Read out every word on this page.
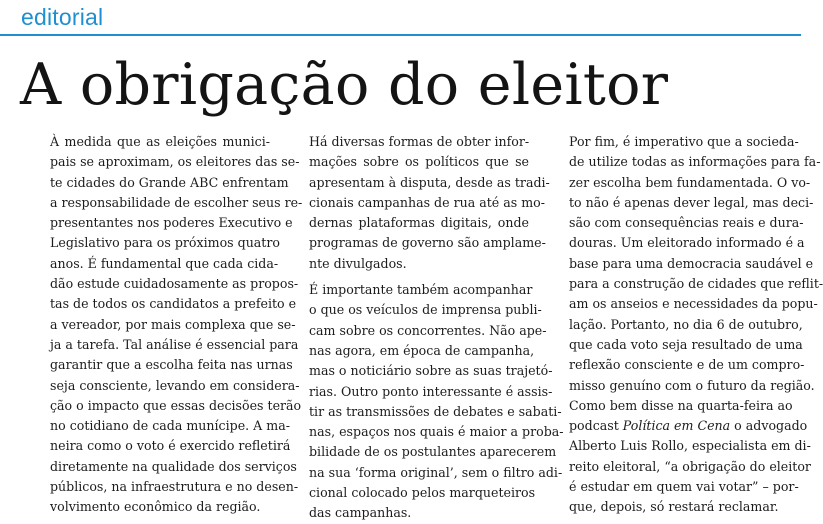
editorial
A obrigação do eleitor

À medida que as eleições munici-
pais se aproximam, os eleitores das se-
te cidades do Grande ABC enfrentam
a responsabilidade de escolher seus re-
presentantes nos poderes Executivo e
Legislativo para os próximos quatro
anos. É fundamental que cada cida-
dão estude cuidadosamente as propos-
tas de todos os candidatos a prefeito e
a vereador, por mais complexa que se-
ja a tarefa. Tal análise é essencial para
garantir que a escolha feita nas urnas
seja consciente, levando em considera-
ção o impacto que essas decisões terão
no cotidiano de cada munícipe. A ma-
neira como o voto é exercido refletirá
diretamente na qualidade dos serviços
públicos, na infraestrutura e no desen-
volvimento econômico da região.

Há diversas formas de obter infor-
mações sobre os políticos que se
apresentam à disputa, desde as tradi-
cionais campanhas de rua até as mo-
dernas plataformas digitais, onde
programas de governo são amplame-
nte divulgados.

É importante também acompanhar
o que os veículos de imprensa publi-
cam sobre os concorrentes. Não ape-
nas agora, em época de campanha,
mas o noticiário sobre as suas trajetó-
rias. Outro ponto interessante é assis-
tir as transmissões de debates e sabati-
nas, espaços nos quais é maior a proba-
bilidade de os postulantes aparecerem
na sua ‘forma original’, sem o filtro adi-
cional colocado pelos marqueteiros
das campanhas.

Por fim, é imperativo que a socieda-
de utilize todas as informações para fa-
zer escolha bem fundamentada. O vo-
to não é apenas dever legal, mas deci-
são com consequências reais e dura-
douras. Um eleitorado informado é a
base para uma democracia saudável e
para a construção de cidades que reflit-
am os anseios e necessidades da popu-
lação. Portanto, no dia 6 de outubro,
que cada voto seja resultado de uma
reflexão consciente e de um compro-
misso genuíno com o futuro da região.
Como bem disse na quarta-feira ao
podcast Política em Cena o advogado
Alberto Luis Rollo, especialista em di-
reito eleitoral, “a obrigação do eleitor
é estudar em quem vai votar” – por-
que, depois, só restará reclamar.
